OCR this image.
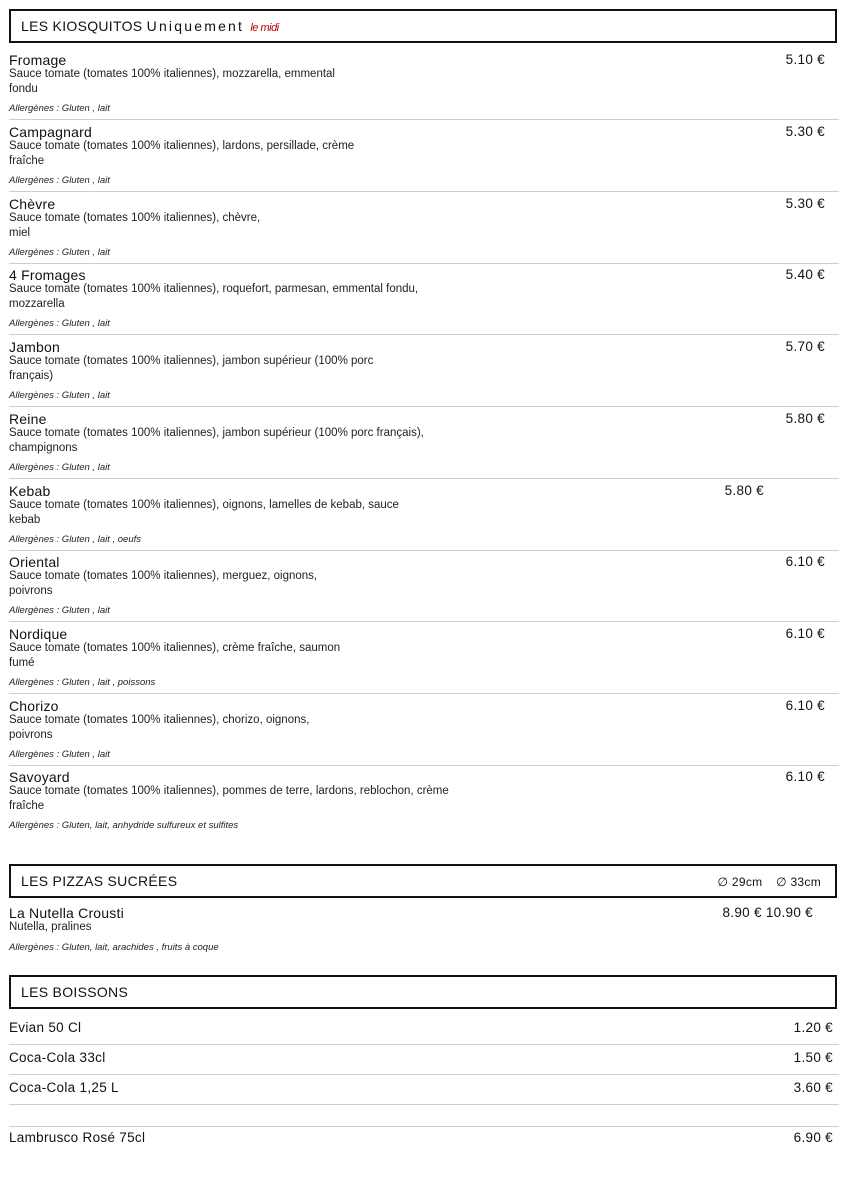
LES KIOSQUITOS Uniquement le midi
Fromage
Sauce tomate (tomates 100% italiennes), mozzarella, emmental
fondu
Allergènes : Gluten , lait
5.10 €
Campagnard
Sauce tomate (tomates 100% italiennes), lardons, persillade, crème
fraîche
Allergènes : Gluten , lait
5.30 €
Chèvre
Sauce tomate (tomates 100% italiennes), chèvre,
miel
Allergènes : Gluten , lait
5.30 €
4 Fromages
Sauce tomate (tomates 100% italiennes), roquefort, parmesan, emmental fondu,
mozzarella
Allergènes : Gluten , lait
5.40 €
Jambon
Sauce tomate (tomates 100% italiennes), jambon supérieur (100% porc
français)
Allergènes : Gluten , lait
5.70 €
Reine
Sauce tomate (tomates 100% italiennes), jambon supérieur (100% porc français),
champignons
Allergènes : Gluten , lait
5.80 €
Kebab
Sauce tomate (tomates 100% italiennes), oignons, lamelles de kebab, sauce
kebab
Allergènes : Gluten , lait , oeufs
5.80 €
Oriental
Sauce tomate (tomates 100% italiennes), merguez, oignons,
poivrons
Allergènes : Gluten , lait
6.10 €
Nordique
Sauce tomate (tomates 100% italiennes), crème fraîche, saumon
fumé
Allergènes : Gluten , lait , poissons
6.10 €
Chorizo
Sauce tomate (tomates 100% italiennes), chorizo, oignons,
poivrons
Allergènes : Gluten , lait
6.10 €
Savoyard
Sauce tomate (tomates 100% italiennes), pommes de terre, lardons, reblochon, crème
fraîche
Allergènes : Gluten, lait, anhydride sulfureux et sulfites
6.10 €
LES PIZZAS SUCRÉES	∅ 29cm ∅ 33cm
La Nutella Crousti
Nutella, pralines
Allergènes : Gluten, lait, arachides , fruits à coque
8.90 € 10.90 €
LES BOISSONS
Evian 50 Cl	1.20 €
Coca-Cola 33cl	1.50 €
Coca-Cola 1,25 L	3.60 €
Lambrusco Rosé 75cl	6.90 €
